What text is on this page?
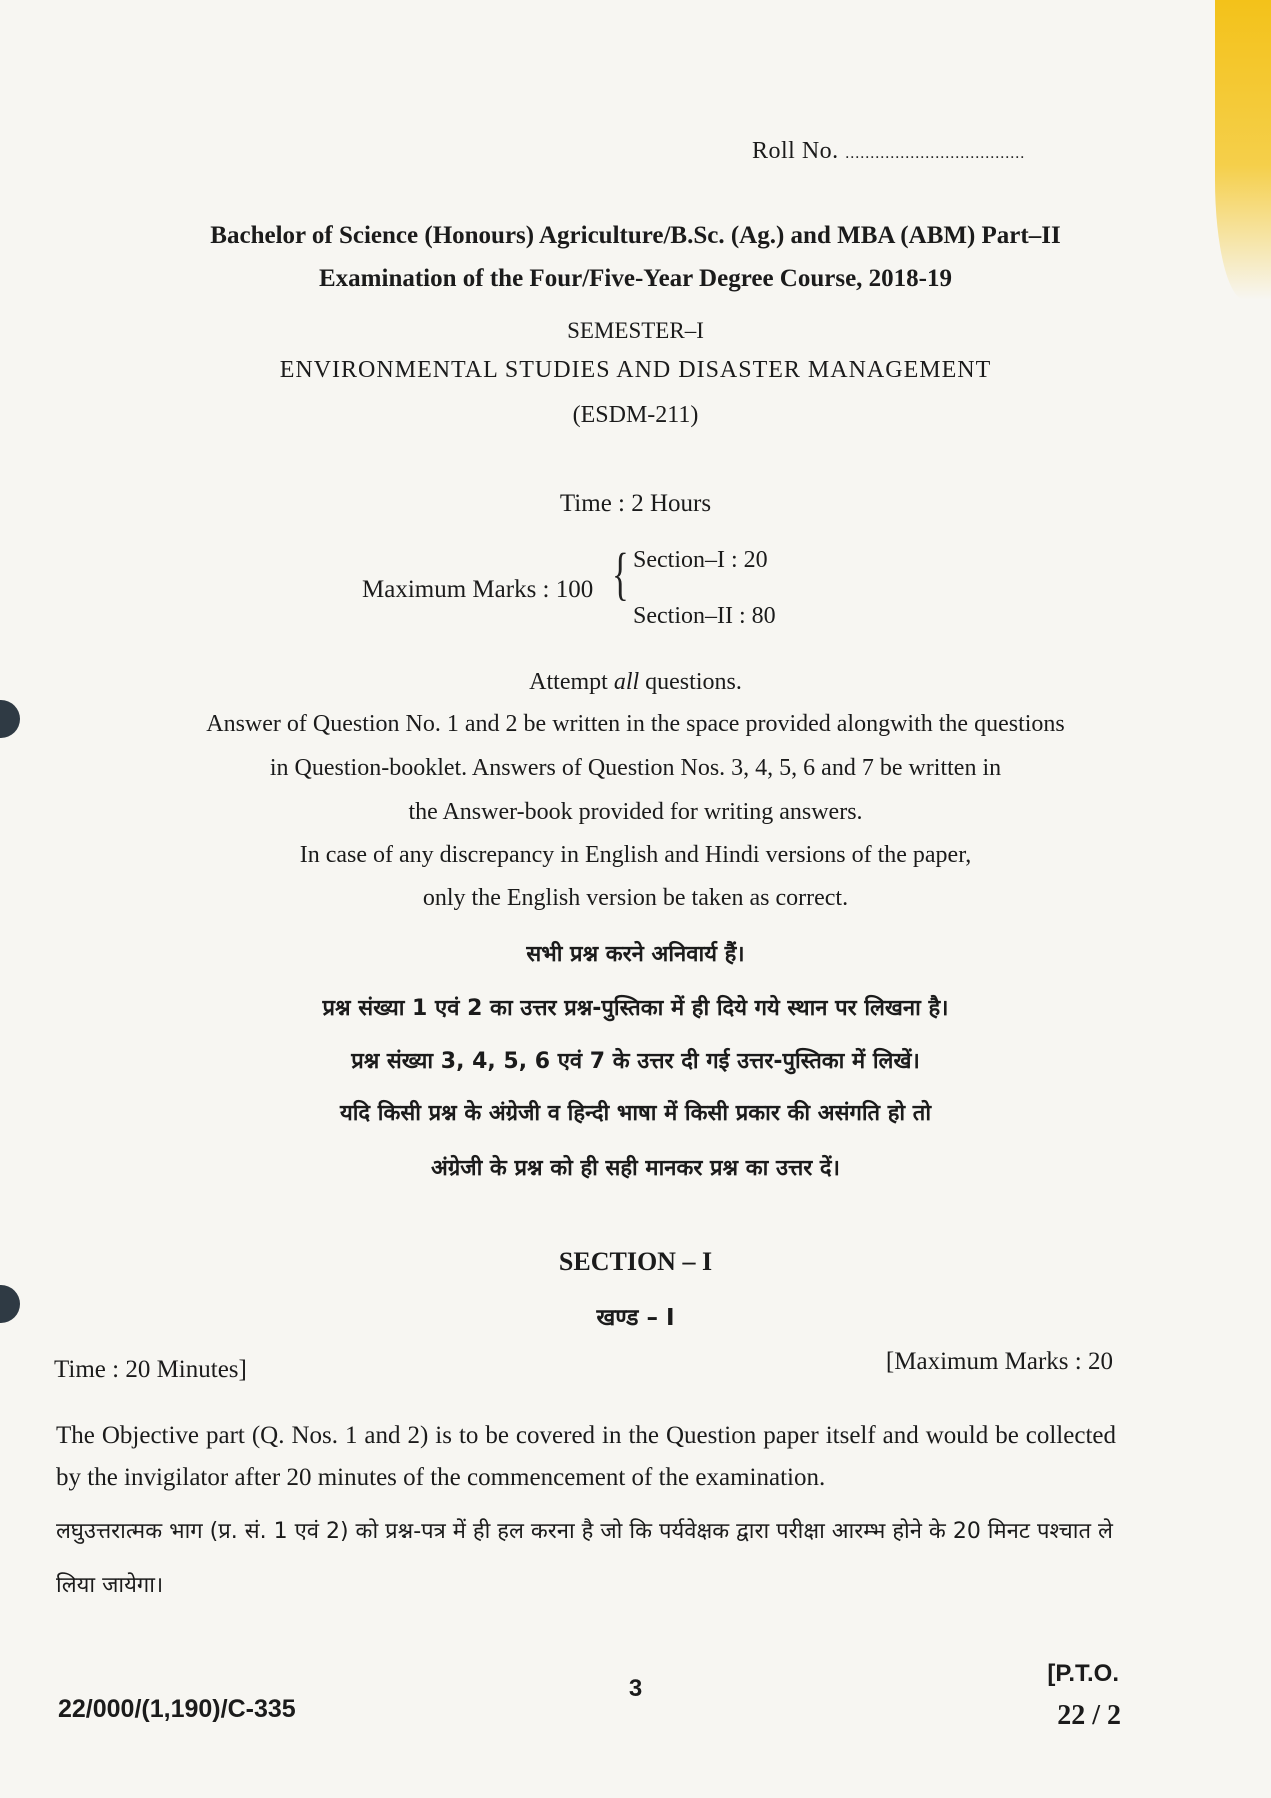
Roll No. ....................................
Bachelor of Science (Honours) Agriculture/B.Sc. (Ag.) and MBA (ABM) Part–II
Examination of the Four/Five-Year Degree Course, 2018-19
SEMESTER–I
ENVIRONMENTAL STUDIES AND DISASTER MANAGEMENT
(ESDM-211)
Time : 2 Hours
Maximum Marks : 100 { Section–I : 20
Section–II : 80
Attempt all questions.
Answer of Question No. 1 and 2 be written in the space provided alongwith the questions
in Question-booklet. Answers of Question Nos. 3, 4, 5, 6 and 7 be written in
the Answer-book provided for writing answers.
In case of any discrepancy in English and Hindi versions of the paper,
only the English version be taken as correct.
सभी प्रश्न करने अनिवार्य हैं।
प्रश्न संख्या 1 एवं 2 का उत्तर प्रश्न-पुस्तिका में ही दिये गये स्थान पर लिखना है।
प्रश्न संख्या 3, 4, 5, 6 एवं 7 के उत्तर दी गई उत्तर-पुस्तिका में लिखें।
यदि किसी प्रश्न के अंग्रेजी व हिन्दी भाषा में किसी प्रकार की असंगति हो तो
अंग्रेजी के प्रश्न को ही सही मानकर प्रश्न का उत्तर दें।
SECTION – I
खण्ड – I
Time : 20 Minutes]	[Maximum Marks : 20
The Objective part (Q. Nos. 1 and 2) is to be covered in the Question paper itself and would be collected by the invigilator after 20 minutes of the commencement of the examination.
लघुउत्तरात्मक भाग (प्र. सं. 1 एवं 2) को प्रश्न-पत्र में ही हल करना है जो कि पर्यवेक्षक द्वारा परीक्षा आरम्भ होने के 20 मिनट पश्चात ले लिया जायेगा।
3
22/000/(1,190)/C-335
[P.T.O.
22 / 2
